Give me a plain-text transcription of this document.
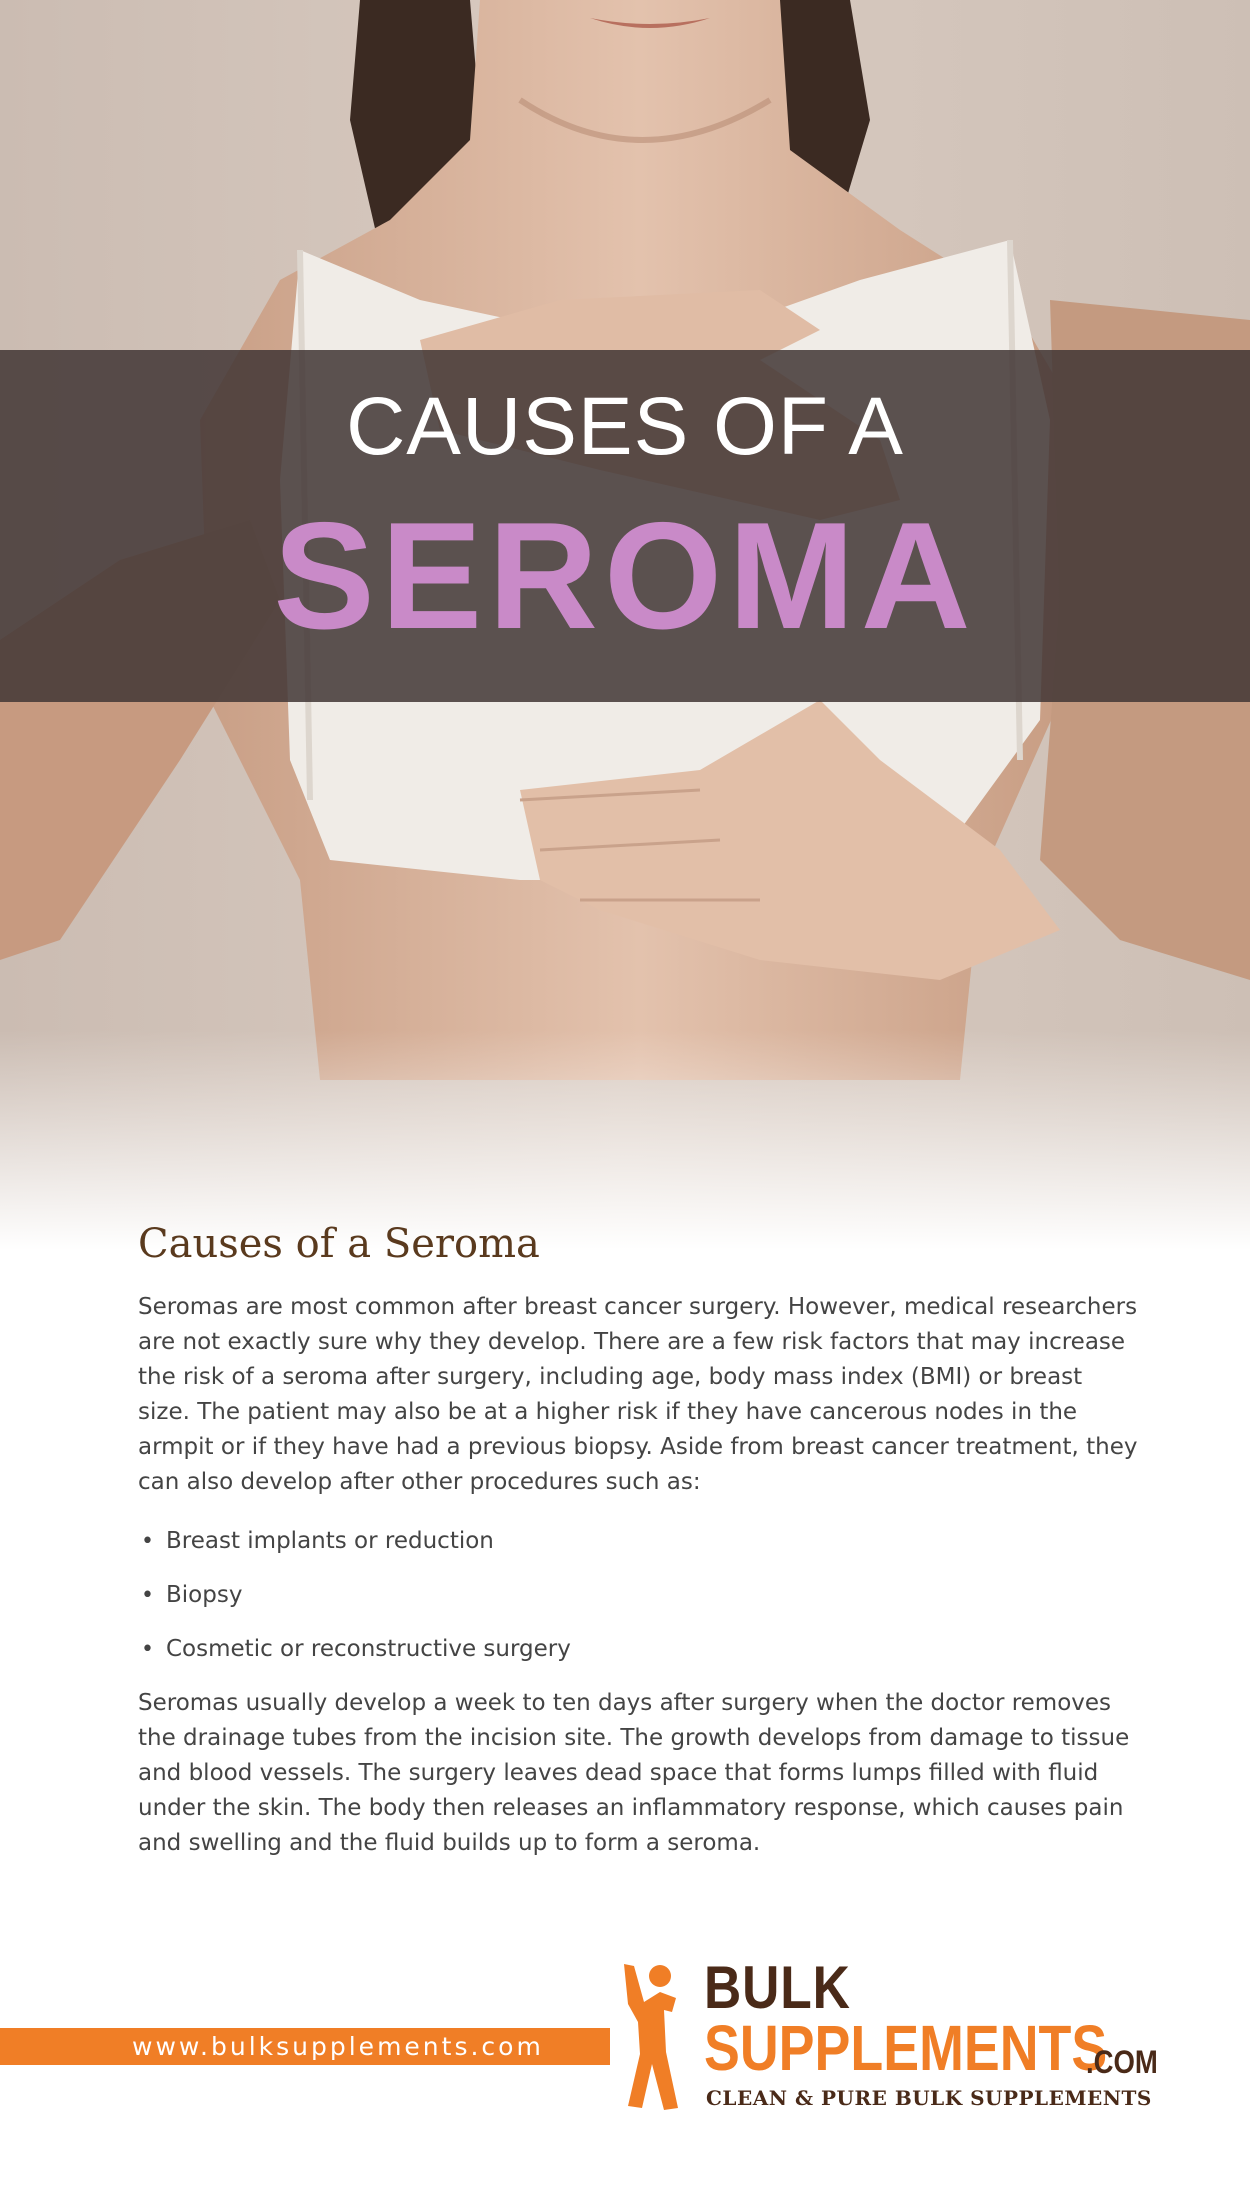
CAUSES OF A
SEROMA
Causes of a Seroma

Seromas are most common after breast cancer surgery. However, medical researchers are not exactly sure why they develop. There are a few risk factors that may increase the risk of a seroma after surgery, including age, body mass index (BMI) or breast size. The patient may also be at a higher risk if they have cancerous nodes in the armpit or if they have had a previous biopsy. Aside from breast cancer treatment, they can also develop after other procedures such as:

• Breast implants or reduction
• Biopsy
• Cosmetic or reconstructive surgery

Seromas usually develop a week to ten days after surgery when the doctor removes the drainage tubes from the incision site. The growth develops from damage to tissue and blood vessels. The surgery leaves dead space that forms lumps filled with fluid under the skin. The body then releases an inflammatory response, which causes pain and swelling and the fluid builds up to form a seroma.

www.bulksupplements.com
BULK
SUPPLEMENTS
.COM
CLEAN & PURE BULK SUPPLEMENTS
